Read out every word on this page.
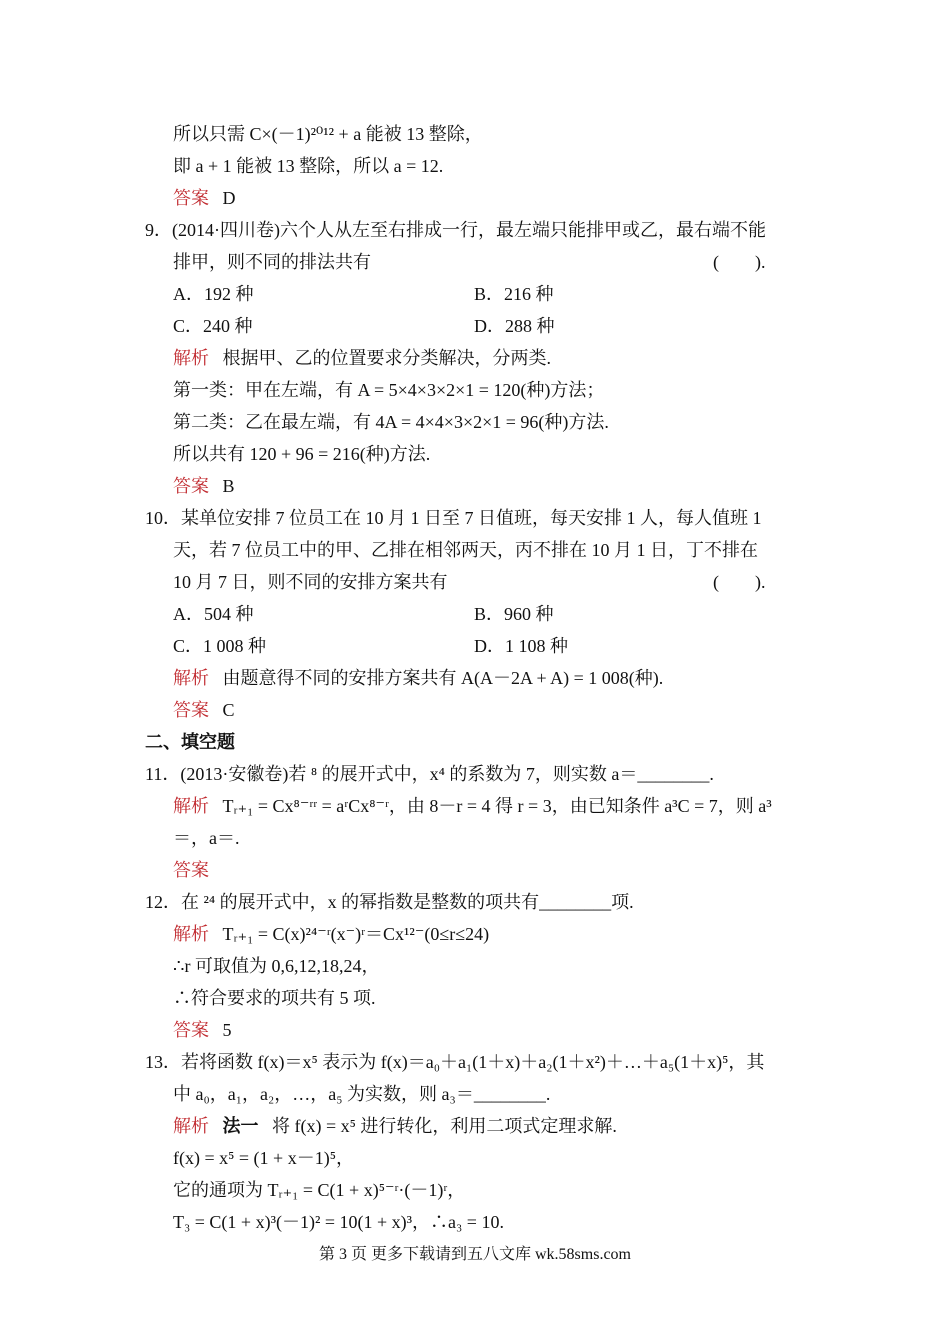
所以只需 C×(－1)²⁰¹² + a 能被 13 整除，
即 a + 1 能被 13 整除，所以 a = 12.
答案 D
9．(2014·四川卷)六个人从左至右排成一行，最左端只能排甲或乙，最右端不能
排甲，则不同的排法共有	(　　).
A．192 种	B．216 种
C．240 种	D．288 种
解析 根据甲、乙的位置要求分类解决，分两类.
第一类：甲在左端，有 A = 5×4×3×2×1 = 120(种)方法；
第二类：乙在最左端，有 4A = 4×4×3×2×1 = 96(种)方法.
所以共有 120 + 96 = 216(种)方法.
答案 B
10．某单位安排 7 位员工在 10 月 1 日至 7 日值班，每天安排 1 人，每人值班 1
天，若 7 位员工中的甲、乙排在相邻两天，丙不排在 10 月 1 日，丁不排在
10 月 7 日，则不同的安排方案共有	(　　).
A．504 种	B．960 种
C．1 008 种	D．1 108 种
解析 由题意得不同的安排方案共有 A(A－2A + A) = 1 008(种).
答案 C
二、填空题
11．(2013·安徽卷)若 ⁸ 的展开式中，x⁴ 的系数为 7，则实数 a＝________.
解析 Tᵣ₊₁ = Cx⁸⁻ʳʳ = aʳCx⁸⁻ʳ，由 8－r = 4 得 r = 3，由已知条件 a³C = 7，则 a³
＝，a＝.
答案
12．在 ²⁴ 的展开式中，x 的幂指数是整数的项共有________项.
解析 Tᵣ₊₁ = C(x)²⁴⁻ʳ(x⁻)ʳ＝Cx¹²⁻(0≤r≤24)
∴r 可取值为 0,6,12,18,24，
∴符合要求的项共有 5 项.
答案 5
13．若将函数 f(x)＝x⁵ 表示为 f(x)＝a₀＋a₁(1＋x)＋a₂(1＋x²)＋…＋a₅(1＋x)⁵，其
中 a₀，a₁，a₂，…，a₅ 为实数，则 a₃＝________.
解析 法一 将 f(x) = x⁵ 进行转化，利用二项式定理求解.
f(x) = x⁵ = (1 + x－1)⁵，
它的通项为 Tᵣ₊₁ = C(1 + x)⁵⁻ʳ·(－1)ʳ，
T₃ = C(1 + x)³(－1)² = 10(1 + x)³，∴a₃ = 10.
第 3 页 更多下载请到五八文库 wk.58sms.com
